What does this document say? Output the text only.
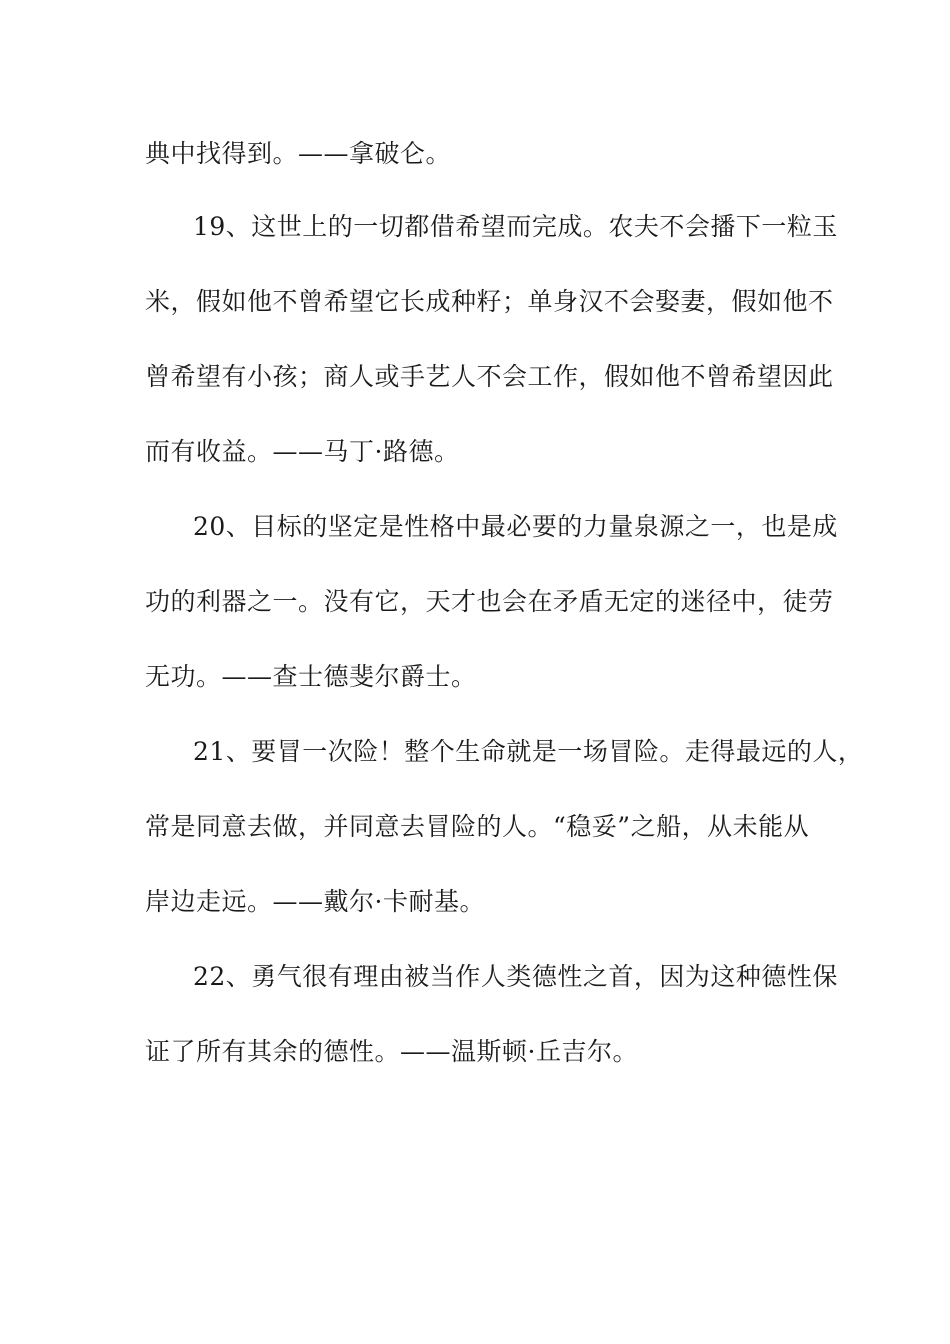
典中找得到。——拿破仑。
19、这世上的一切都借希望而完成。农夫不会播下一粒玉
米，假如他不曾希望它长成种籽；单身汉不会娶妻，假如他不
曾希望有小孩；商人或手艺人不会工作，假如他不曾希望因此
而有收益。——马丁·路德。
20、目标的坚定是性格中最必要的力量泉源之一，也是成
功的利器之一。没有它，天才也会在矛盾无定的迷径中，徒劳
无功。——查士德斐尔爵士。
21、要冒一次险！整个生命就是一场冒险。走得最远的人，
常是同意去做，并同意去冒险的人。“稳妥”之船，从未能从
岸边走远。——戴尔·卡耐基。
22、勇气很有理由被当作人类德性之首，因为这种德性保
证了所有其余的德性。——温斯顿·丘吉尔。
